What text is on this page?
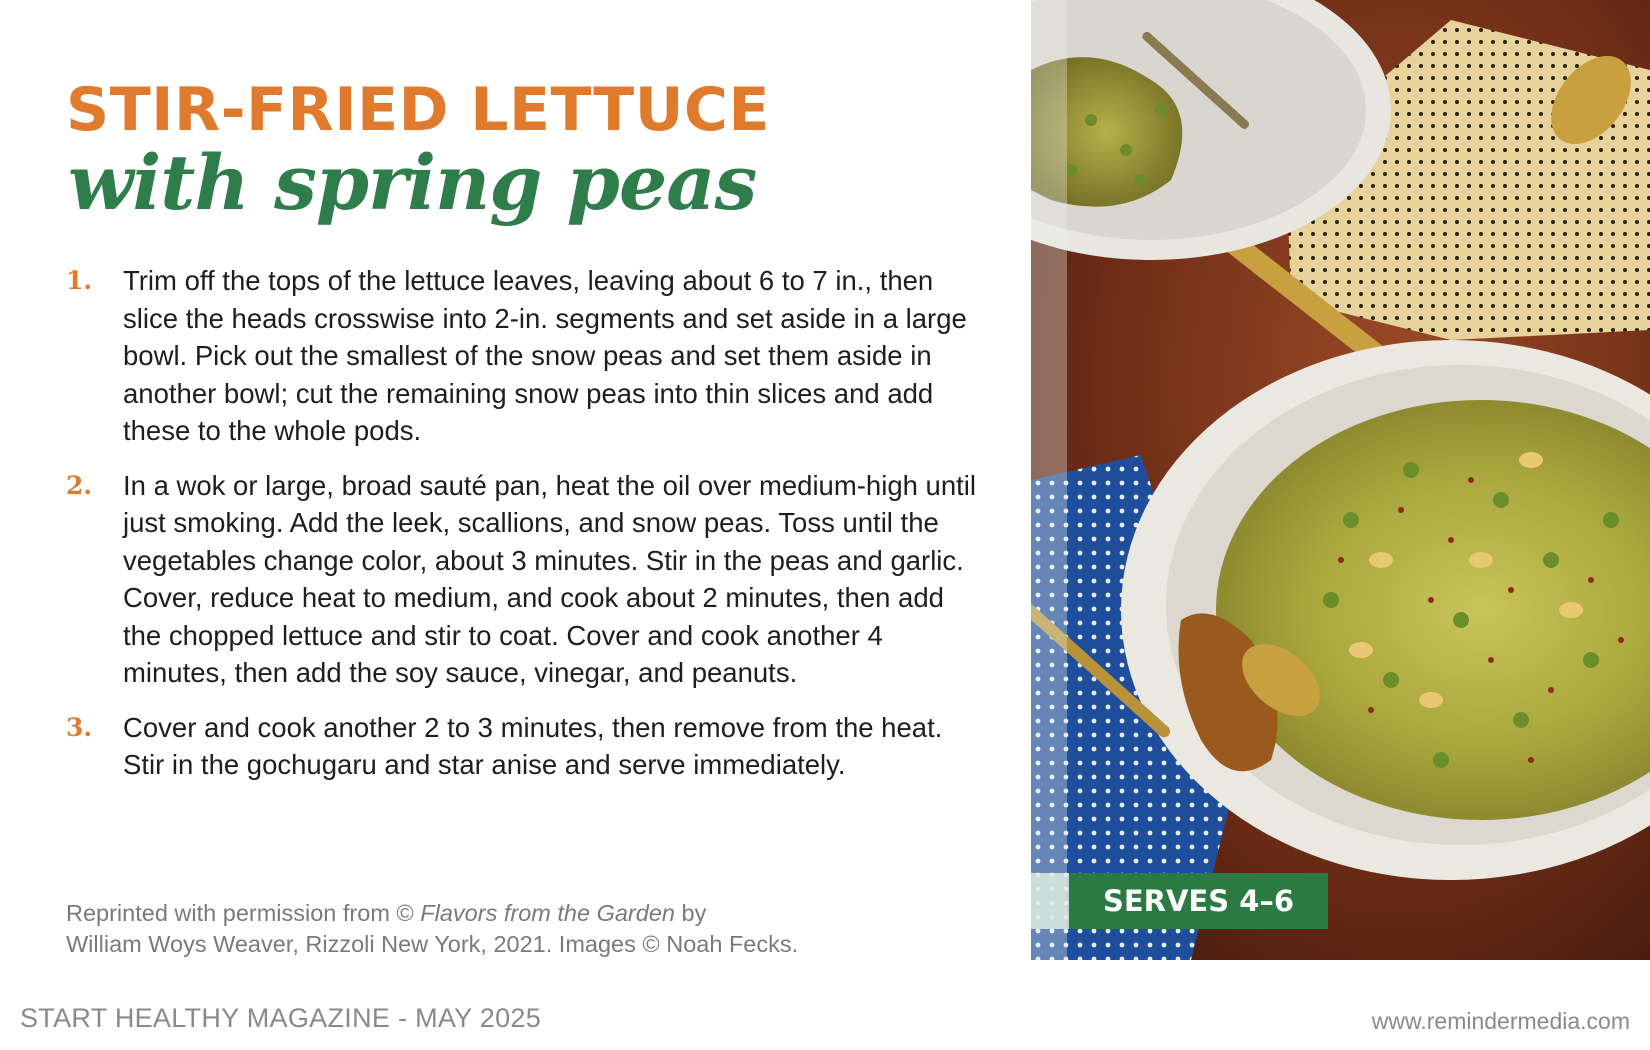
STIR-FRIED LETTUCE
with spring peas
1. Trim off the tops of the lettuce leaves, leaving about 6 to 7 in., then slice the heads crosswise into 2-in. segments and set aside in a large bowl. Pick out the smallest of the snow peas and set them aside in another bowl; cut the remaining snow peas into thin slices and add these to the whole pods.
2. In a wok or large, broad sauté pan, heat the oil over medium-high until just smoking. Add the leek, scallions, and snow peas. Toss until the vegetables change color, about 3 minutes. Stir in the peas and garlic. Cover, reduce heat to medium, and cook about 2 minutes, then add the chopped lettuce and stir to coat. Cover and cook another 4 minutes, then add the soy sauce, vinegar, and peanuts.
3. Cover and cook another 2 to 3 minutes, then remove from the heat. Stir in the gochugaru and star anise and serve immediately.

Reprinted with permission from © Flavors from the Garden by
William Woys Weaver, Rizzoli New York, 2021. Images © Noah Fecks.

SERVES 4–6
START HEALTHY MAGAZINE - MAY 2025	www.remindermedia.com
